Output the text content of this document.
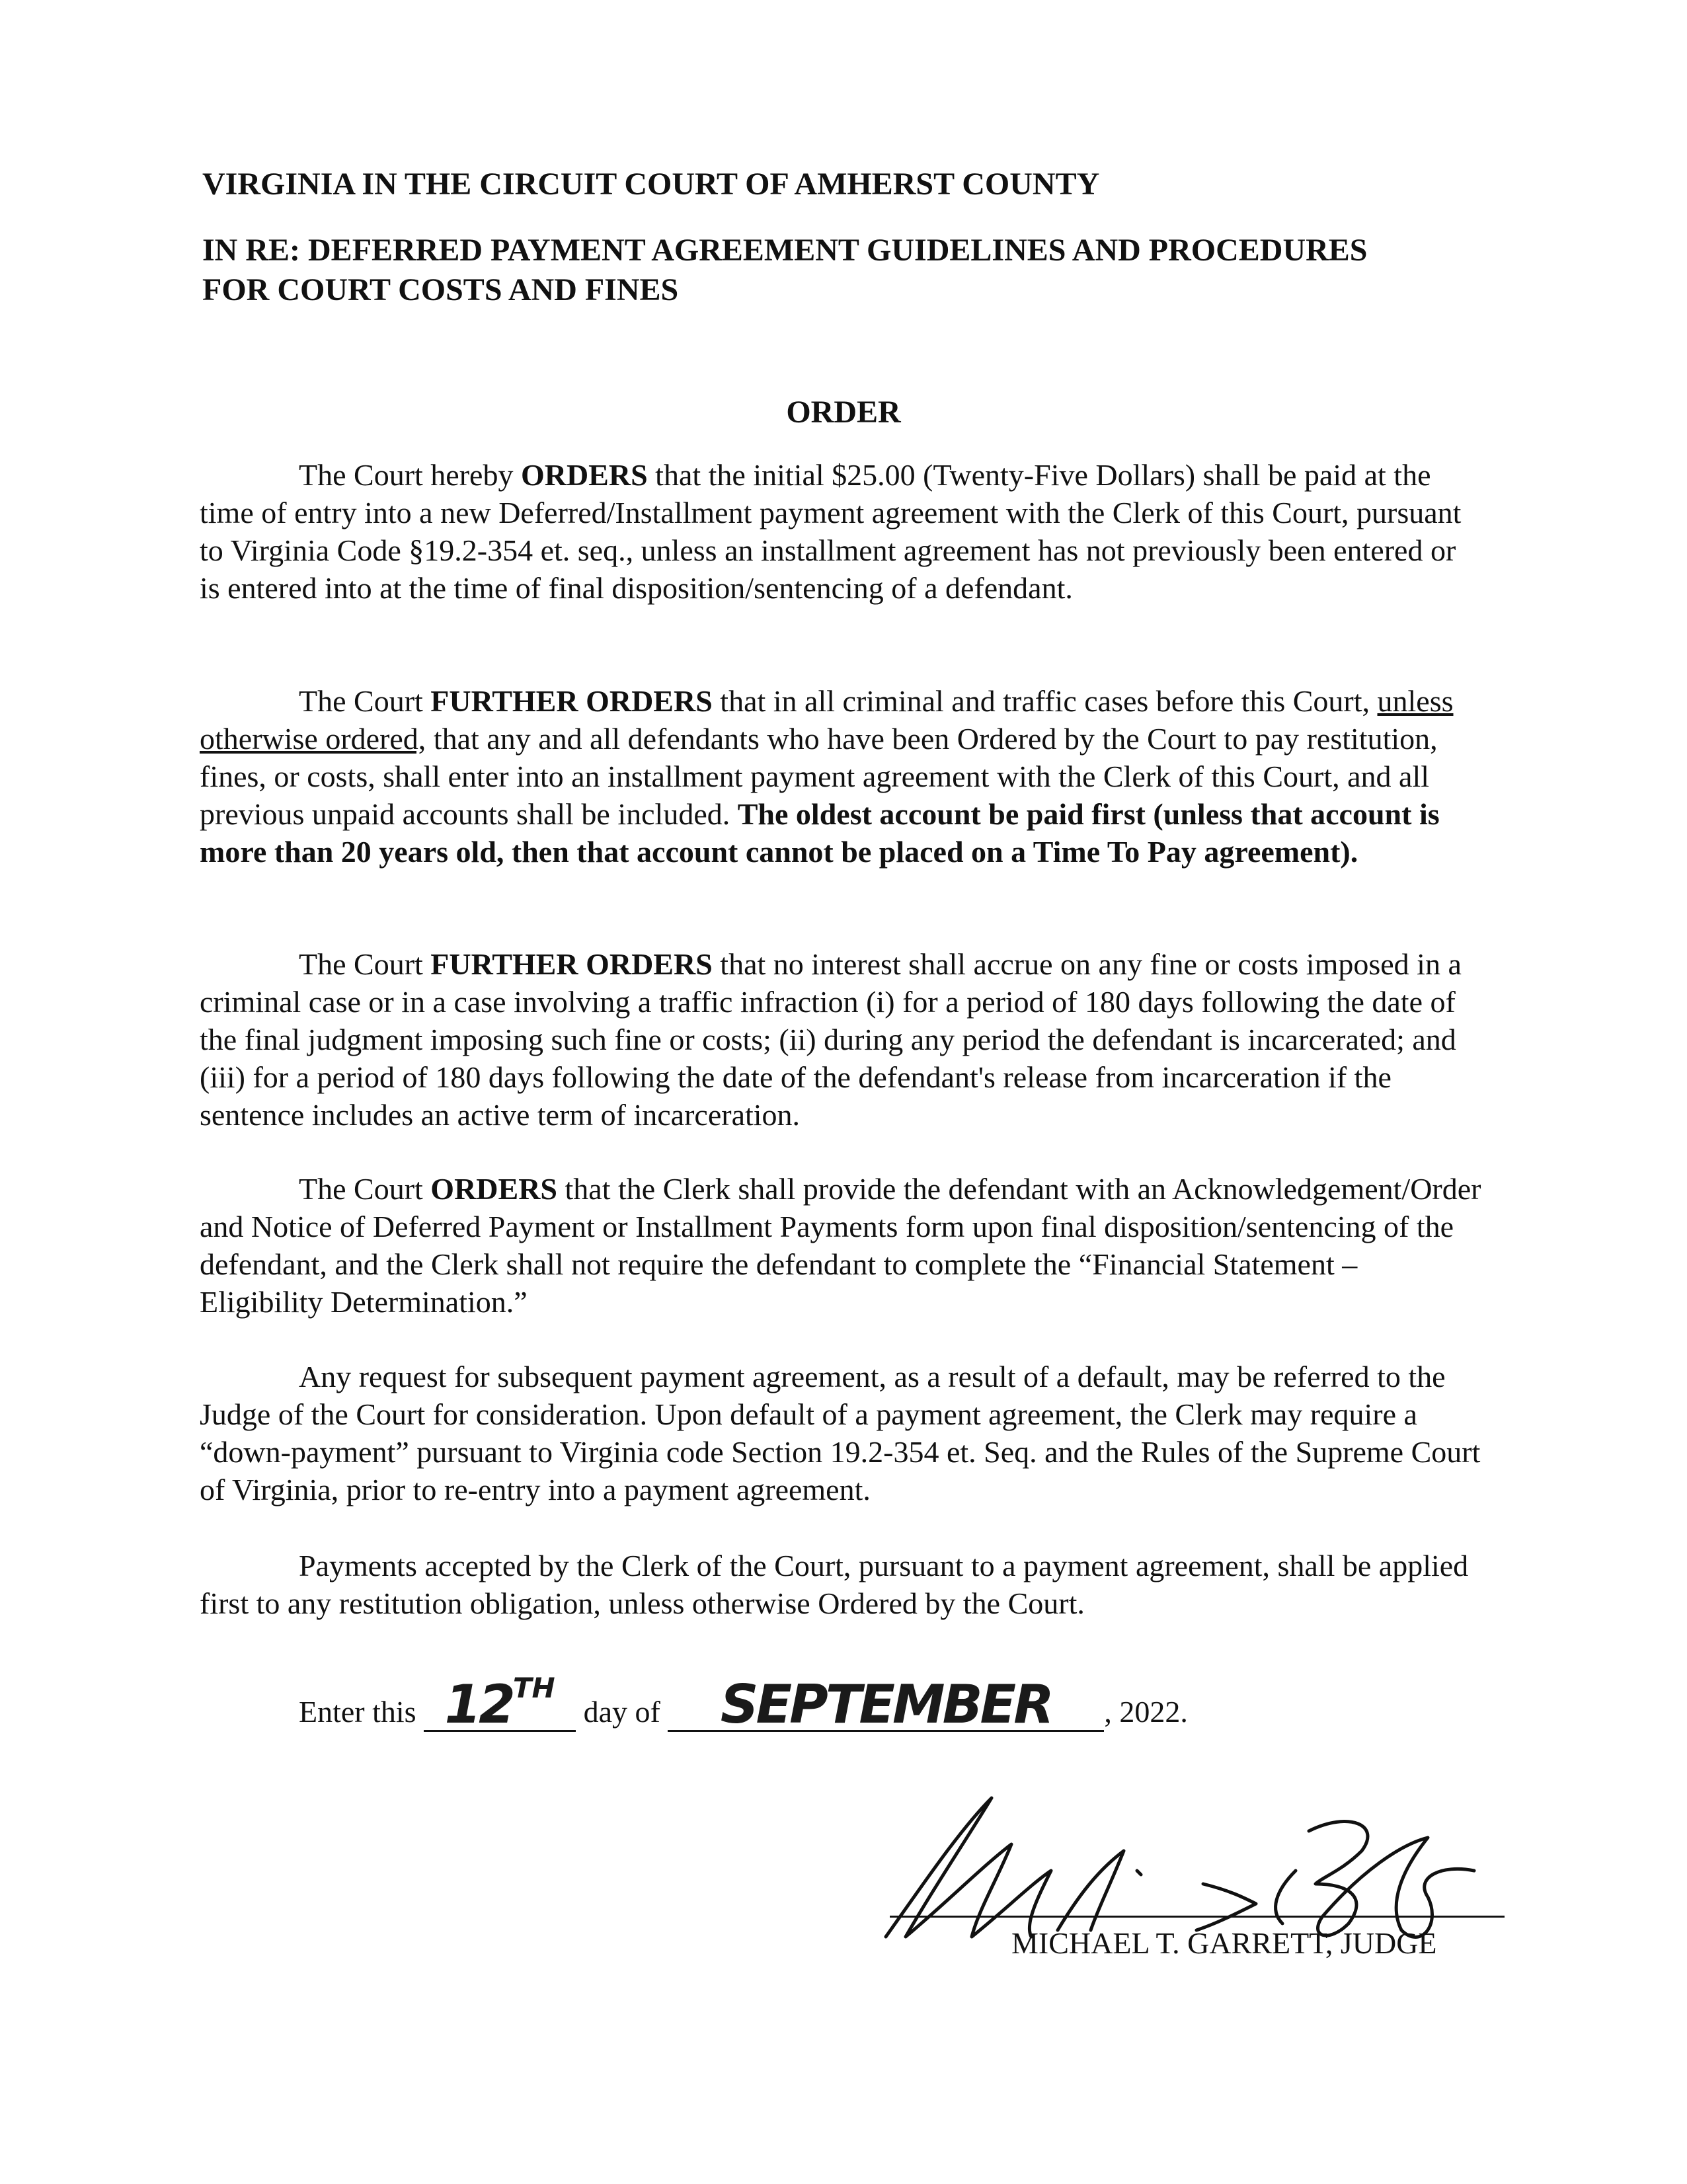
VIRGINIA IN THE CIRCUIT COURT OF AMHERST COUNTY

IN RE: DEFERRED PAYMENT AGREEMENT GUIDELINES AND PROCEDURES

FOR COURT COSTS AND FINES

ORDER

The Court hereby ORDERS that the initial $25.00 (Twenty-Five Dollars) shall be paid at the time of entry into a new Deferred/Installment payment agreement with the Clerk of this Court, pursuant to Virginia Code §19.2-354 et. seq., unless an installment agreement has not previously been entered or is entered into at the time of final disposition/sentencing of a defendant.

The Court FURTHER ORDERS that in all criminal and traffic cases before this Court, unless otherwise ordered, that any and all defendants who have been Ordered by the Court to pay restitution, fines, or costs, shall enter into an installment payment agreement with the Clerk of this Court, and all previous unpaid accounts shall be included. The oldest account be paid first (unless that account is more than 20 years old, then that account cannot be placed on a Time To Pay agreement).

The Court FURTHER ORDERS that no interest shall accrue on any fine or costs imposed in a criminal case or in a case involving a traffic infraction (i) for a period of 180 days following the date of the final judgment imposing such fine or costs; (ii) during any period the defendant is incarcerated; and (iii) for a period of 180 days following the date of the defendant's release from incarceration if the sentence includes an active term of incarceration.

The Court ORDERS that the Clerk shall provide the defendant with an Acknowledgement/Order and Notice of Deferred Payment or Installment Payments form upon final disposition/sentencing of the defendant, and the Clerk shall not require the defendant to complete the “Financial Statement – Eligibility Determination.”

Any request for subsequent payment agreement, as a result of a default, may be referred to the Judge of the Court for consideration. Upon default of a payment agreement, the Clerk may require a “down-payment” pursuant to Virginia code Section 19.2-354 et. Seq. and the Rules of the Supreme Court of Virginia, prior to re-entry into a payment agreement.

Payments accepted by the Clerk of the Court, pursuant to a payment agreement, shall be applied first to any restitution obligation, unless otherwise Ordered by the Court.

Enter this 12TH
day of	SEPTEMBER	, 2022.
MICHAEL T. GARRETT, JUDGE
